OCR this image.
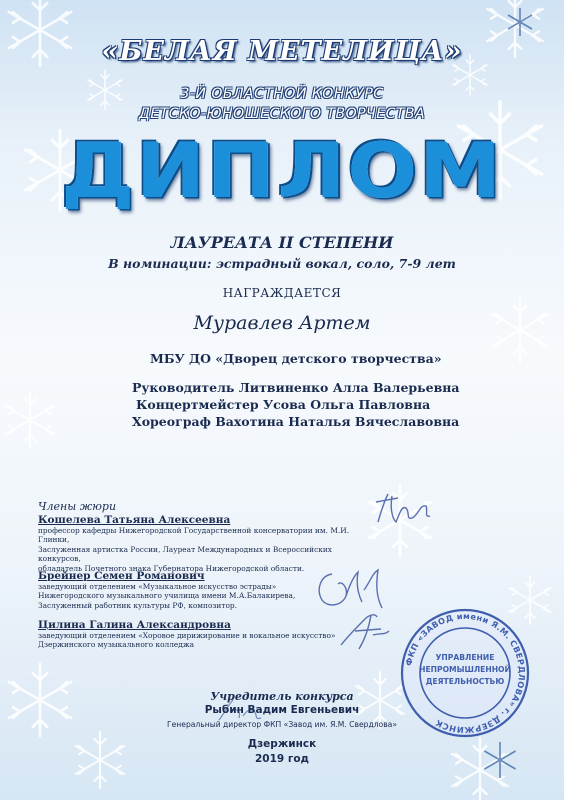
«БЕЛАЯ МЕТЕЛИЦА»
3-Й ОБЛАСТНОЙ КОНКУРС
ДЕТСКО-ЮНОШЕСКОГО ТВОРЧЕСТВА
ДИПЛОМ
ЛАУРЕАТА II СТЕПЕНИ
В номинации: эстрадный вокал, соло, 7-9 лет
НАГРАЖДАЕТСЯ
Муравлев Артем
МБУ ДО «Дворец детского творчества»
Руководитель Литвиненко Алла Валерьевна
Концертмейстер Усова Ольга Павловна
Хореограф Вахотина Наталья Вячеславовна
Члены жюри
Кошелева Татьяна Алексеевна
профессор кафедры Нижегородской Государственной консерватории им. М.И. Глинки,
Заслуженная артистка России, Лауреат Международных и Всероссийских конкурсов,
обладатель Почетного знака Губернатора Нижегородской области.
Брейнер Семен Романович
заведующий отделением «Музыкальное искусство эстрады»
Нижегородского музыкального училища имени М.А.Балакирева,
Заслуженный работник культуры РФ, композитор.
Цилина Галина Александровна
заведующий отделением «Хоровое дирижирование и вокальное искусство»
Дзержинского музыкального колледжа
Учредитель конкурса
Рыбин Вадим Евгеньевич
Генеральный директор ФКП «Завод им. Я.М. Свердлова»
Дзержинск
2019 год
ФКП «ЗАВОД имени Я.М. СВЕРДЛОВА» г. ДЗЕРЖИНСК
УПРАВЛЕНИЕ
НЕПРОМЫШЛЕННОЙ
ДЕЯТЕЛЬНОСТЬЮ
